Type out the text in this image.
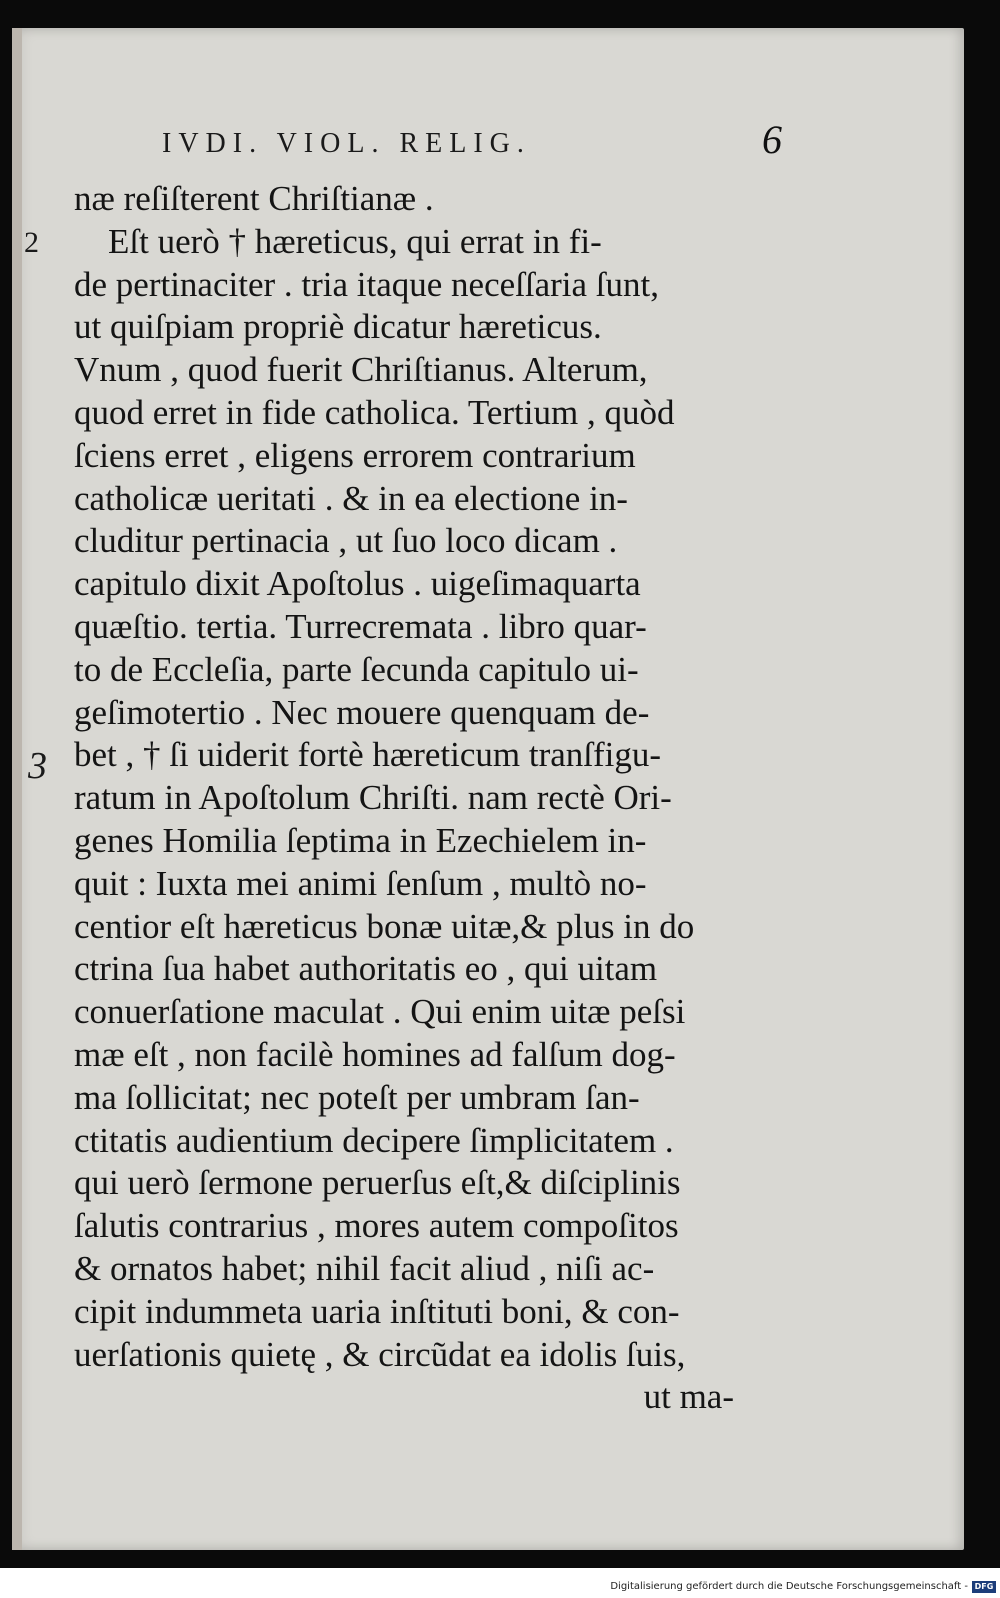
IVDI. VIOL. RELIG.	6
2
3
næ reſiſterent Chriſtianæ .
Eſt uerò † hæreticus, qui errat in fi-
de pertinaciter . tria itaque neceſſaria ſunt,
ut quiſpiam propriè dicatur hæreticus.
Vnum , quod fuerit Chriſtianus. Alterum,
quod erret in fide catholica. Tertium , quòd
ſciens erret , eligens errorem contrarium
catholicæ ueritati . & in ea electione in-
cluditur pertinacia , ut ſuo loco dicam .
capitulo dixit Apoſtolus . uigeſimaquarta
quæſtio. tertia. Turrecremata . libro quar-
to de Eccleſia, parte ſecunda capitulo ui-
geſimotertio . Nec mouere quenquam de-
bet , † ſi uiderit fortè hæreticum tranſfigu-
ratum in Apoſtolum Chriſti. nam rectè Ori-
genes Homilia ſeptima in Ezechielem in-
quit : Iuxta mei animi ſenſum , multò no-
centior eſt hæreticus bonæ uitæ,& plus in do
ctrina ſua habet authoritatis eo , qui uitam
conuerſatione maculat . Qui enim uitæ peſsi
mæ eſt , non facilè homines ad falſum dog-
ma ſollicitat; nec poteſt per umbram ſan-
ctitatis audientium decipere ſimplicitatem .
qui uerò ſermone peruerſus eſt,& diſciplinis
ſalutis contrarius , mores autem compoſitos
& ornatos habet; nihil facit aliud , niſi ac-
cipit indummeta uaria inſtituti boni, & con-
uerſationis quietę , & circũdat ea idolis ſuis,
ut ma-
Digitalisierung gefördert durch die Deutsche Forschungsgemeinschaft - DFG
